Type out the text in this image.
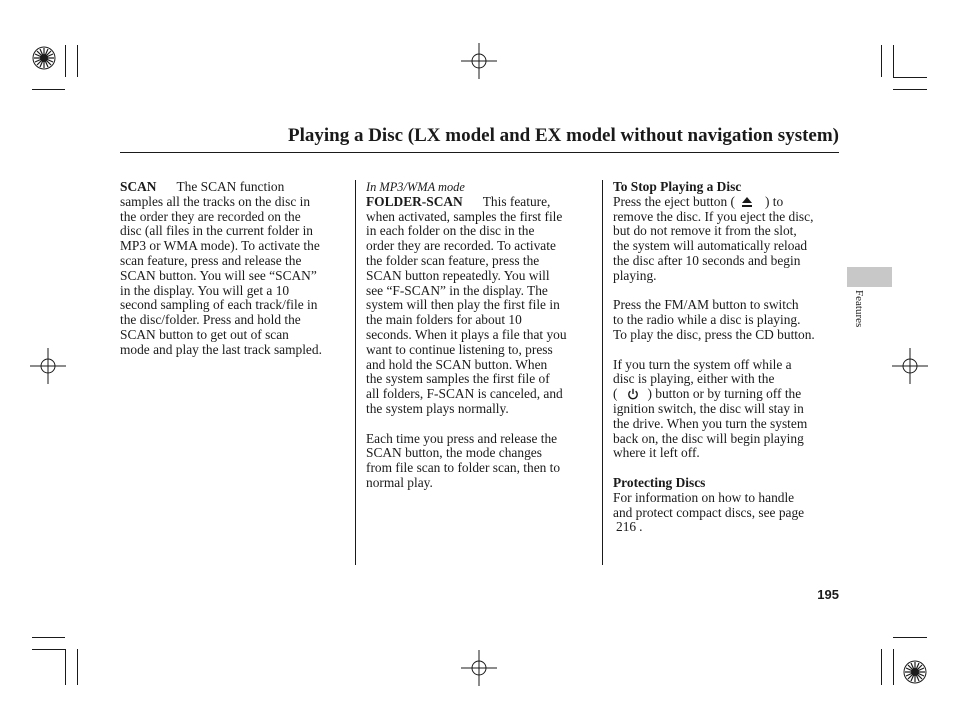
Playing a Disc (LX model and EX model without navigation system)
Features

SCAN The SCAN function

samples all the tracks on the disc in

the order they are recorded on the

disc (all files in the current folder in

MP3 or WMA mode). To activate the

scan feature, press and release the

SCAN button. You will see “SCAN”

in the display. You will get a 10

second sampling of each track/file in

the disc/folder. Press and hold the

SCAN button to get out of scan

mode and play the last track sampled.

In MP3/WMA mode

FOLDER-SCAN This feature,

when activated, samples the first file

in each folder on the disc in the

order they are recorded. To activate

the folder scan feature, press the

SCAN button repeatedly. You will

see “F-SCAN” in the display. The

system will then play the first file in

the main folders for about 10

seconds. When it plays a file that you

want to continue listening to, press

and hold the SCAN button. When

the system samples the first file of

all folders, F-SCAN is canceled, and

the system plays normally.

Each time you press and release the

SCAN button, the mode changes

from file scan to folder scan, then to

normal play.

To Stop Playing a Disc

Press the eject button ( ) to

remove the disc. If you eject the disc,

but do not remove it from the slot,

the system will automatically reload

the disc after 10 seconds and begin

playing.

Press the FM/AM button to switch

to the radio while a disc is playing.

To play the disc, press the CD button.

If you turn the system off while a

disc is playing, either with the

( ) button or by turning off the

ignition switch, the disc will stay in

the drive. When you turn the system

back on, the disc will begin playing

where it left off.

Protecting Discs

For information on how to handle

and protect compact discs, see page

216 .

195
